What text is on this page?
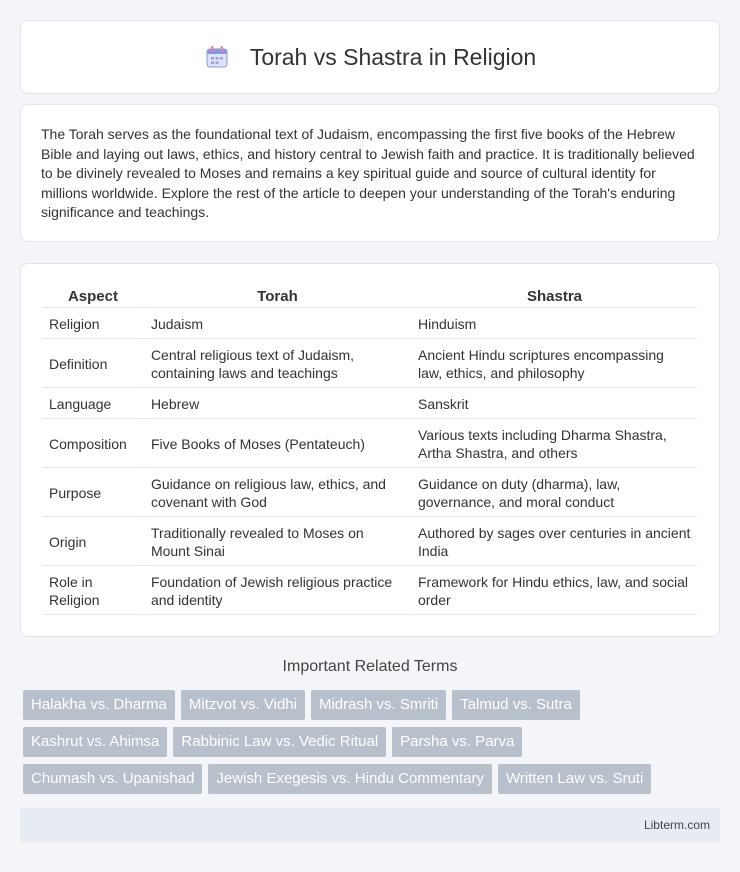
Torah vs Shastra in Religion

The Torah serves as the foundational text of Judaism, encompassing the first five books of the Hebrew Bible and laying out laws, ethics, and history central to Jewish faith and practice. It is traditionally believed to be divinely revealed to Moses and remains a key spiritual guide and source of cultural identity for millions worldwide. Explore the rest of the article to deepen your understanding of the Torah's enduring significance and teachings.

Aspect	Torah	Shastra
Religion	Judaism	Hinduism
Definition	Central religious text of Judaism, containing laws and teachings	Ancient Hindu scriptures encompassing law, ethics, and philosophy
Language	Hebrew	Sanskrit
Composition	Five Books of Moses (Pentateuch)	Various texts including Dharma Shastra, Artha Shastra, and others
Purpose	Guidance on religious law, ethics, and covenant with God	Guidance on duty (dharma), law, governance, and moral conduct
Origin	Traditionally revealed to Moses on Mount Sinai	Authored by sages over centuries in ancient India
Role in Religion	Foundation of Jewish religious practice and identity	Framework for Hindu ethics, law, and social order
Important Related Terms
Halakha vs. Dharma	Mitzvot vs. Vidhi	Midrash vs. Smriti	Talmud vs. Sutra
Kashrut vs. Ahimsa	Rabbinic Law vs. Vedic Ritual	Parsha vs. Parva
Chumash vs. Upanishad	Jewish Exegesis vs. Hindu Commentary	Written Law vs. Sruti
Libterm.com
